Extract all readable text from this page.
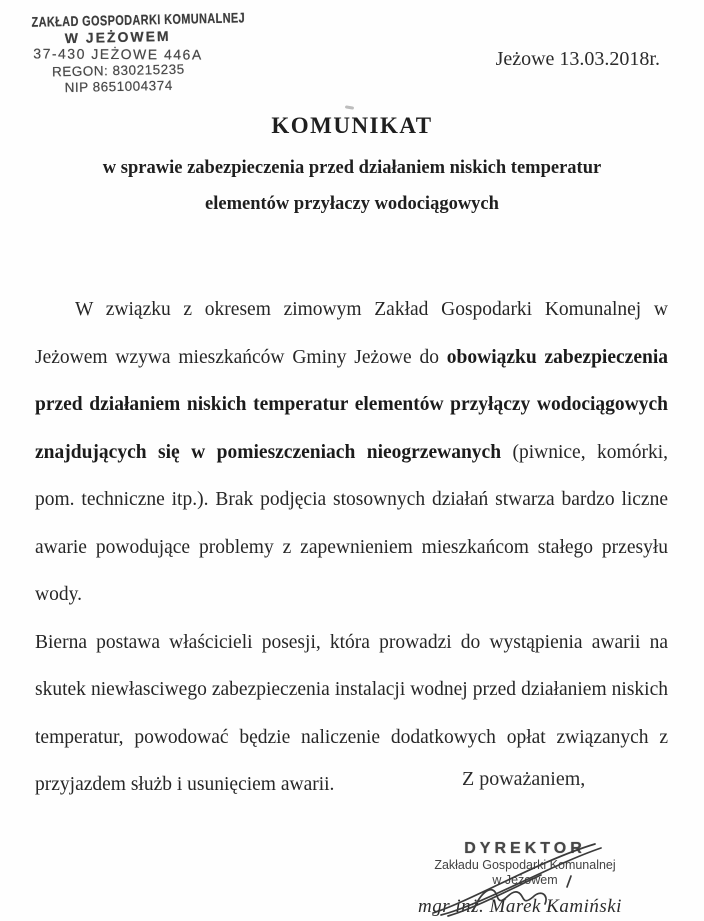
ZAKŁAD GOSPODARKI KOMUNALNEJ
W JEŻOWEM
37-430 JEŻOWE 446A
REGON: 830215235
NIP 8651004374
Jeżowe 13.03.2018r.
KOMUNIKAT
w sprawie zabezpieczenia przed działaniem niskich temperatur
elementów przyłaczy wodociągowych

W związku z okresem zimowym Zakład Gospodarki Komunalnej w Jeżowem wzywa mieszkańców Gminy Jeżowe do obowiązku zabezpieczenia przed działaniem niskich temperatur elementów przyłączy wodociągowych znajdujących się w pomieszczeniach nieogrzewanych (piwnice, komórki, pom. techniczne itp.). Brak podjęcia stosownych działań stwarza bardzo liczne awarie powodujące problemy z zapewnieniem mieszkańcom stałego przesyłu wody.

Bierna postawa właścicieli posesji, która prowadzi do wystąpienia awarii na skutek niewłasciwego zabezpieczenia instalacji wodnej przed działaniem niskich temperatur, powodować będzie naliczenie dodatkowych opłat związanych z przyjazdem służb i usunięciem awarii.	Z poważaniem,
DYREKTOR
Zakładu Gospodarki Komunalnej
w Jeżowem
mgr inż. Marek Kamiński
